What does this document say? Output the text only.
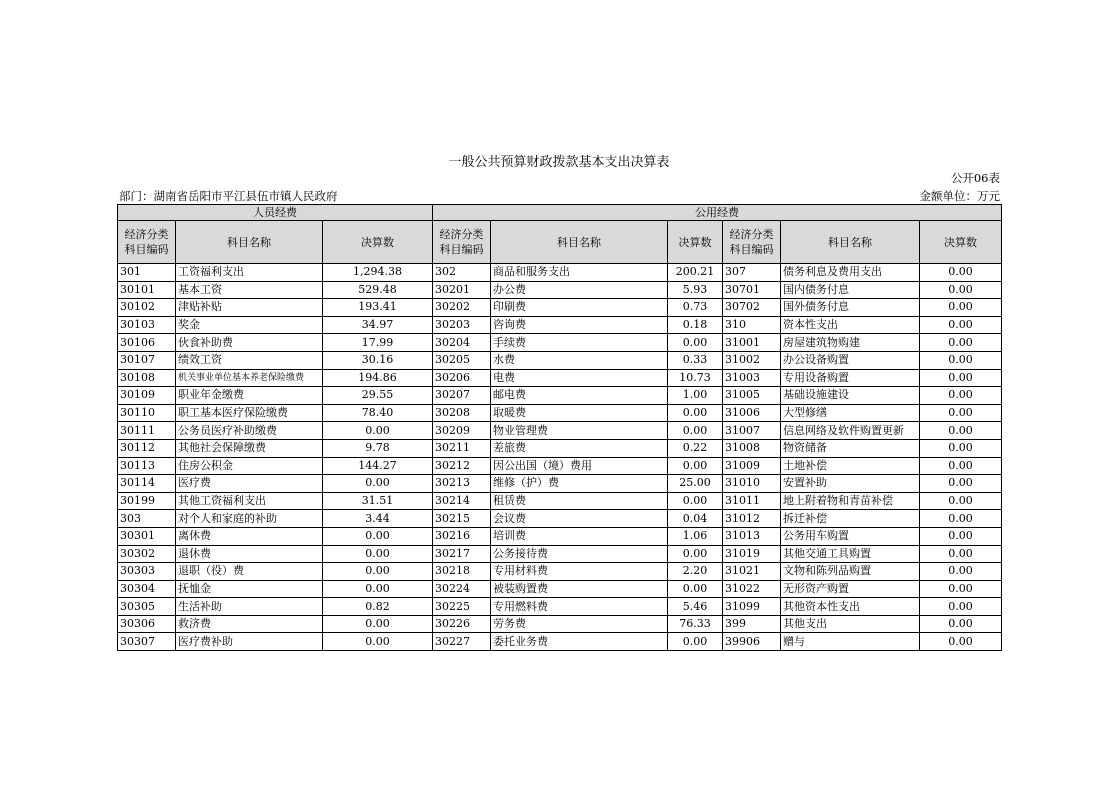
一般公共预算财政拨款基本支出决算表
公开06表
部门：湖南省岳阳市平江县伍市镇人民政府	金额单位：万元
人员经费			公用经费					
经济分类科目编码	科目名称	决算数	经济分类科目编码	科目名称	决算数	经济分类科目编码	科目名称	决算数
301	工资福利支出	1,294.38	302	商品和服务支出	200.21	307	债务利息及费用支出	0.00
30101	基本工资	529.48	30201	办公费	5.93	30701	国内债务付息	0.00
30102	津贴补贴	193.41	30202	印刷费	0.73	30702	国外债务付息	0.00
30103	奖金	34.97	30203	咨询费	0.18	310	资本性支出	0.00
30106	伙食补助费	17.99	30204	手续费	0.00	31001	房屋建筑物购建	0.00
30107	绩效工资	30.16	30205	水费	0.33	31002	办公设备购置	0.00
30108	机关事业单位基本养老保险缴费	194.86	30206	电费	10.73	31003	专用设备购置	0.00
30109	职业年金缴费	29.55	30207	邮电费	1.00	31005	基础设施建设	0.00
30110	职工基本医疗保险缴费	78.40	30208	取暖费	0.00	31006	大型修缮	0.00
30111	公务员医疗补助缴费	0.00	30209	物业管理费	0.00	31007	信息网络及软件购置更新	0.00
30112	其他社会保障缴费	9.78	30211	差旅费	0.22	31008	物资储备	0.00
30113	住房公积金	144.27	30212	因公出国（境）费用	0.00	31009	土地补偿	0.00
30114	医疗费	0.00	30213	维修（护）费	25.00	31010	安置补助	0.00
30199	其他工资福利支出	31.51	30214	租赁费	0.00	31011	地上附着物和青苗补偿	0.00
303	对个人和家庭的补助	3.44	30215	会议费	0.04	31012	拆迁补偿	0.00
30301	离休费	0.00	30216	培训费	1.06	31013	公务用车购置	0.00
30302	退休费	0.00	30217	公务接待费	0.00	31019	其他交通工具购置	0.00
30303	退职（役）费	0.00	30218	专用材料费	2.20	31021	文物和陈列品购置	0.00
30304	抚恤金	0.00	30224	被装购置费	0.00	31022	无形资产购置	0.00
30305	生活补助	0.82	30225	专用燃料费	5.46	31099	其他资本性支出	0.00
30306	救济费	0.00	30226	劳务费	76.33	399	其他支出	0.00
30307	医疗费补助	0.00	30227	委托业务费	0.00	39906	赠与	0.00
